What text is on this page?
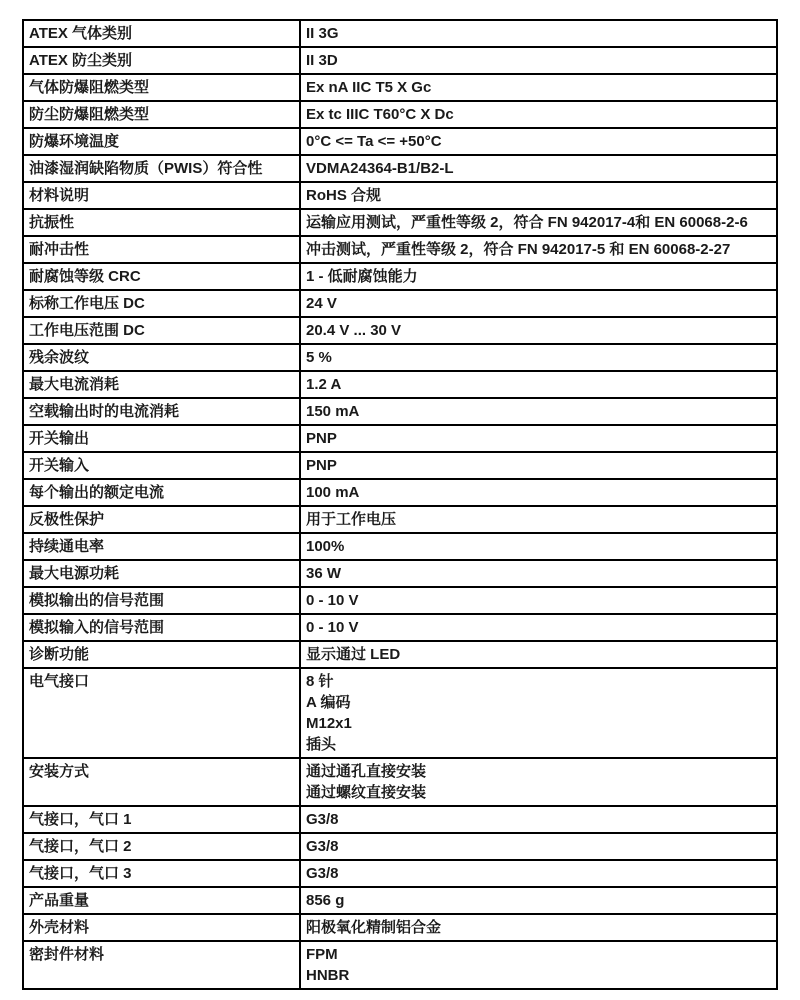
ATEX 气体类别	II 3G

ATEX 防尘类别	II 3D

气体防爆阻燃类型	Ex nA IIC T5 X Gc

防尘防爆阻燃类型	Ex tc IIIC T60°C X Dc

防爆环境温度	0°C <= Ta <= +50°C

油漆湿润缺陷物质（PWIS）符合性	VDMA24364-B1/B2-L

材料说明	RoHS 合规

抗振性	运输应用测试，严重性等级 2，符合 FN 942017-4和 EN 60068-2-6

耐冲击性	冲击测试，严重性等级 2，符合 FN 942017-5 和 EN 60068-2-27

耐腐蚀等级 CRC	1 - 低耐腐蚀能力

标称工作电压 DC	24 V

工作电压范围 DC	20.4 V ... 30 V

残余波纹	5 %

最大电流消耗	1.2 A

空载输出时的电流消耗	150 mA

开关输出	PNP

开关输入	PNP

每个输出的额定电流	100 mA

反极性保护	用于工作电压

持续通电率	100%

最大电源功耗	36 W

模拟输出的信号范围	0 - 10 V

模拟输入的信号范围	0 - 10 V

诊断功能	显示通过 LED

电气接口	8 针
A 编码
M12x1
插头

安装方式	通过通孔直接安装
通过螺纹直接安装

气接口，气口 1	G3/8

气接口，气口 2	G3/8

气接口，气口 3	G3/8

产品重量	856 g

外壳材料	阳极氧化精制铝合金

密封件材料	FPM
HNBR
